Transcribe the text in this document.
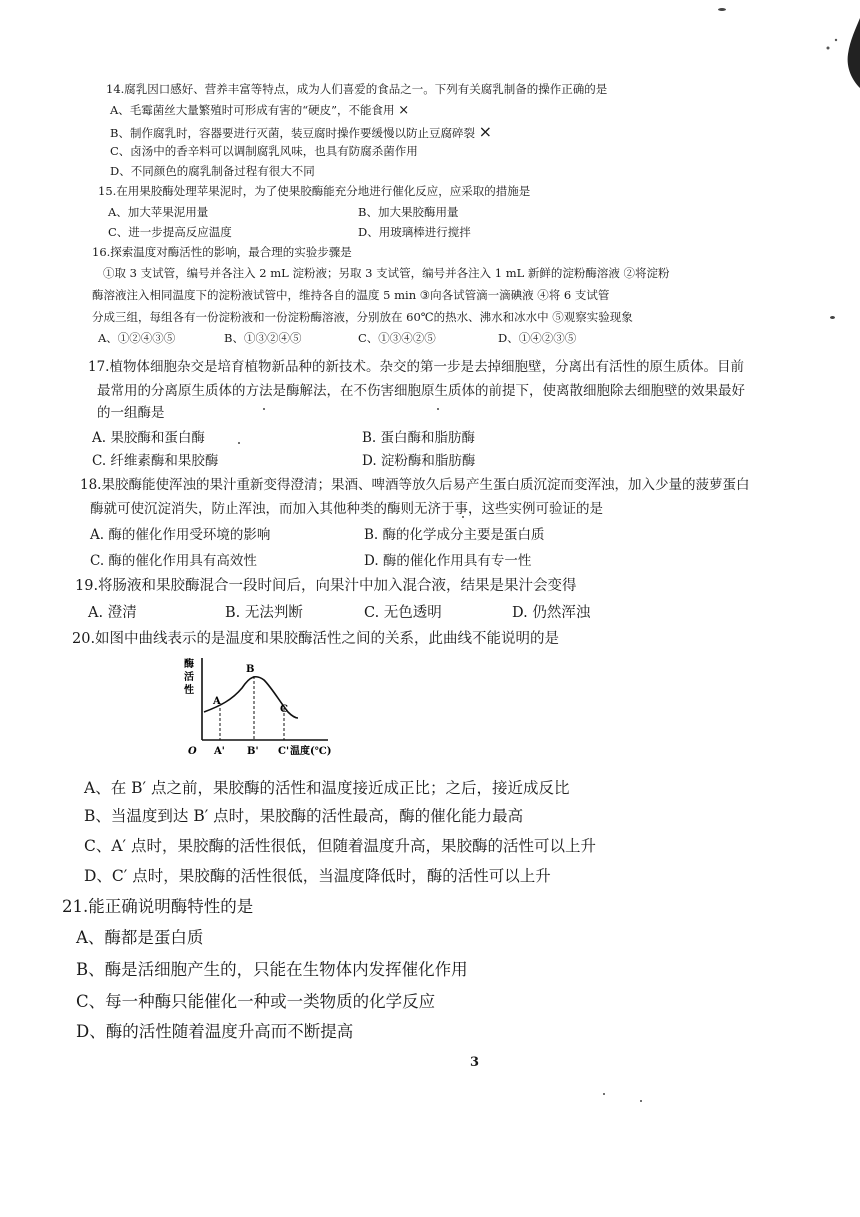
14.腐乳因口感好、营养丰富等特点，成为人们喜爱的食品之一。下列有关腐乳制备的操作正确的是
A、毛霉菌丝大量繁殖时可形成有害的“硬皮”，不能食用 ×
B、制作腐乳时，容器要进行灭菌，装豆腐时操作要缓慢以防止豆腐碎裂 ×
C、卤汤中的香辛料可以调制腐乳风味，也具有防腐杀菌作用
D、不同颜色的腐乳制备过程有很大不同
15.在用果胶酶处理苹果泥时，为了使果胶酶能充分地进行催化反应，应采取的措施是
A、加大苹果泥用量	B、加大果胶酶用量
C、进一步提高反应温度	D、用玻璃棒进行搅拌
16.探索温度对酶活性的影响，最合理的实验步骤是
①取 3 支试管，编号并各注入 2 mL 淀粉液；另取 3 支试管，编号并各注入 1 mL 新鲜的淀粉酶溶液 ②将淀粉
酶溶液注入相同温度下的淀粉液试管中，维持各自的温度 5 min ③向各试管滴一滴碘液 ④将 6 支试管
分成三组，每组各有一份淀粉液和一份淀粉酶溶液，分别放在 60℃的热水、沸水和冰水中 ⑤观察实验现象
A、①②④③⑤	B、①③②④⑤	C、①③④②⑤	D、①④②③⑤
17.植物体细胞杂交是培育植物新品种的新技术。杂交的第一步是去掉细胞壁，分离出有活性的原生质体。目前
最常用的分离原生质体的方法是酶解法，在不伤害细胞原生质体的前提下，使离散细胞除去细胞壁的效果最好
的一组酶是
A. 果胶酶和蛋白酶	B. 蛋白酶和脂肪酶
C. 纤维素酶和果胶酶	D. 淀粉酶和脂肪酶
18.果胶酶能使浑浊的果汁重新变得澄清；果酒、啤酒等放久后易产生蛋白质沉淀而变浑浊，加入少量的菠萝蛋白
酶就可使沉淀消失，防止浑浊，而加入其他种类的酶则无济于事，这些实例可验证的是
A. 酶的催化作用受环境的影响	B. 酶的化学成分主要是蛋白质
C. 酶的催化作用具有高效性	D. 酶的催化作用具有专一性
19.将肠液和果胶酶混合一段时间后，向果汁中加入混合液，结果是果汁会变得
A. 澄清	B. 无法判断	C. 无色透明	D. 仍然浑浊
20.如图中曲线表示的是温度和果胶酶活性之间的关系，此曲线不能说明的是
酶 活 性
A
B
C
O A' B' C' 温度(℃)
A、在 B′ 点之前，果胶酶的活性和温度接近成正比；之后，接近成反比
B、当温度到达 B′ 点时，果胶酶的活性最高，酶的催化能力最高
C、A′ 点时，果胶酶的活性很低，但随着温度升高，果胶酶的活性可以上升
D、C′ 点时，果胶酶的活性很低，当温度降低时，酶的活性可以上升
21.能正确说明酶特性的是
A、酶都是蛋白质
B、酶是活细胞产生的，只能在生物体内发挥催化作用
C、每一种酶只能催化一种或一类物质的化学反应
D、酶的活性随着温度升高而不断提高
3
